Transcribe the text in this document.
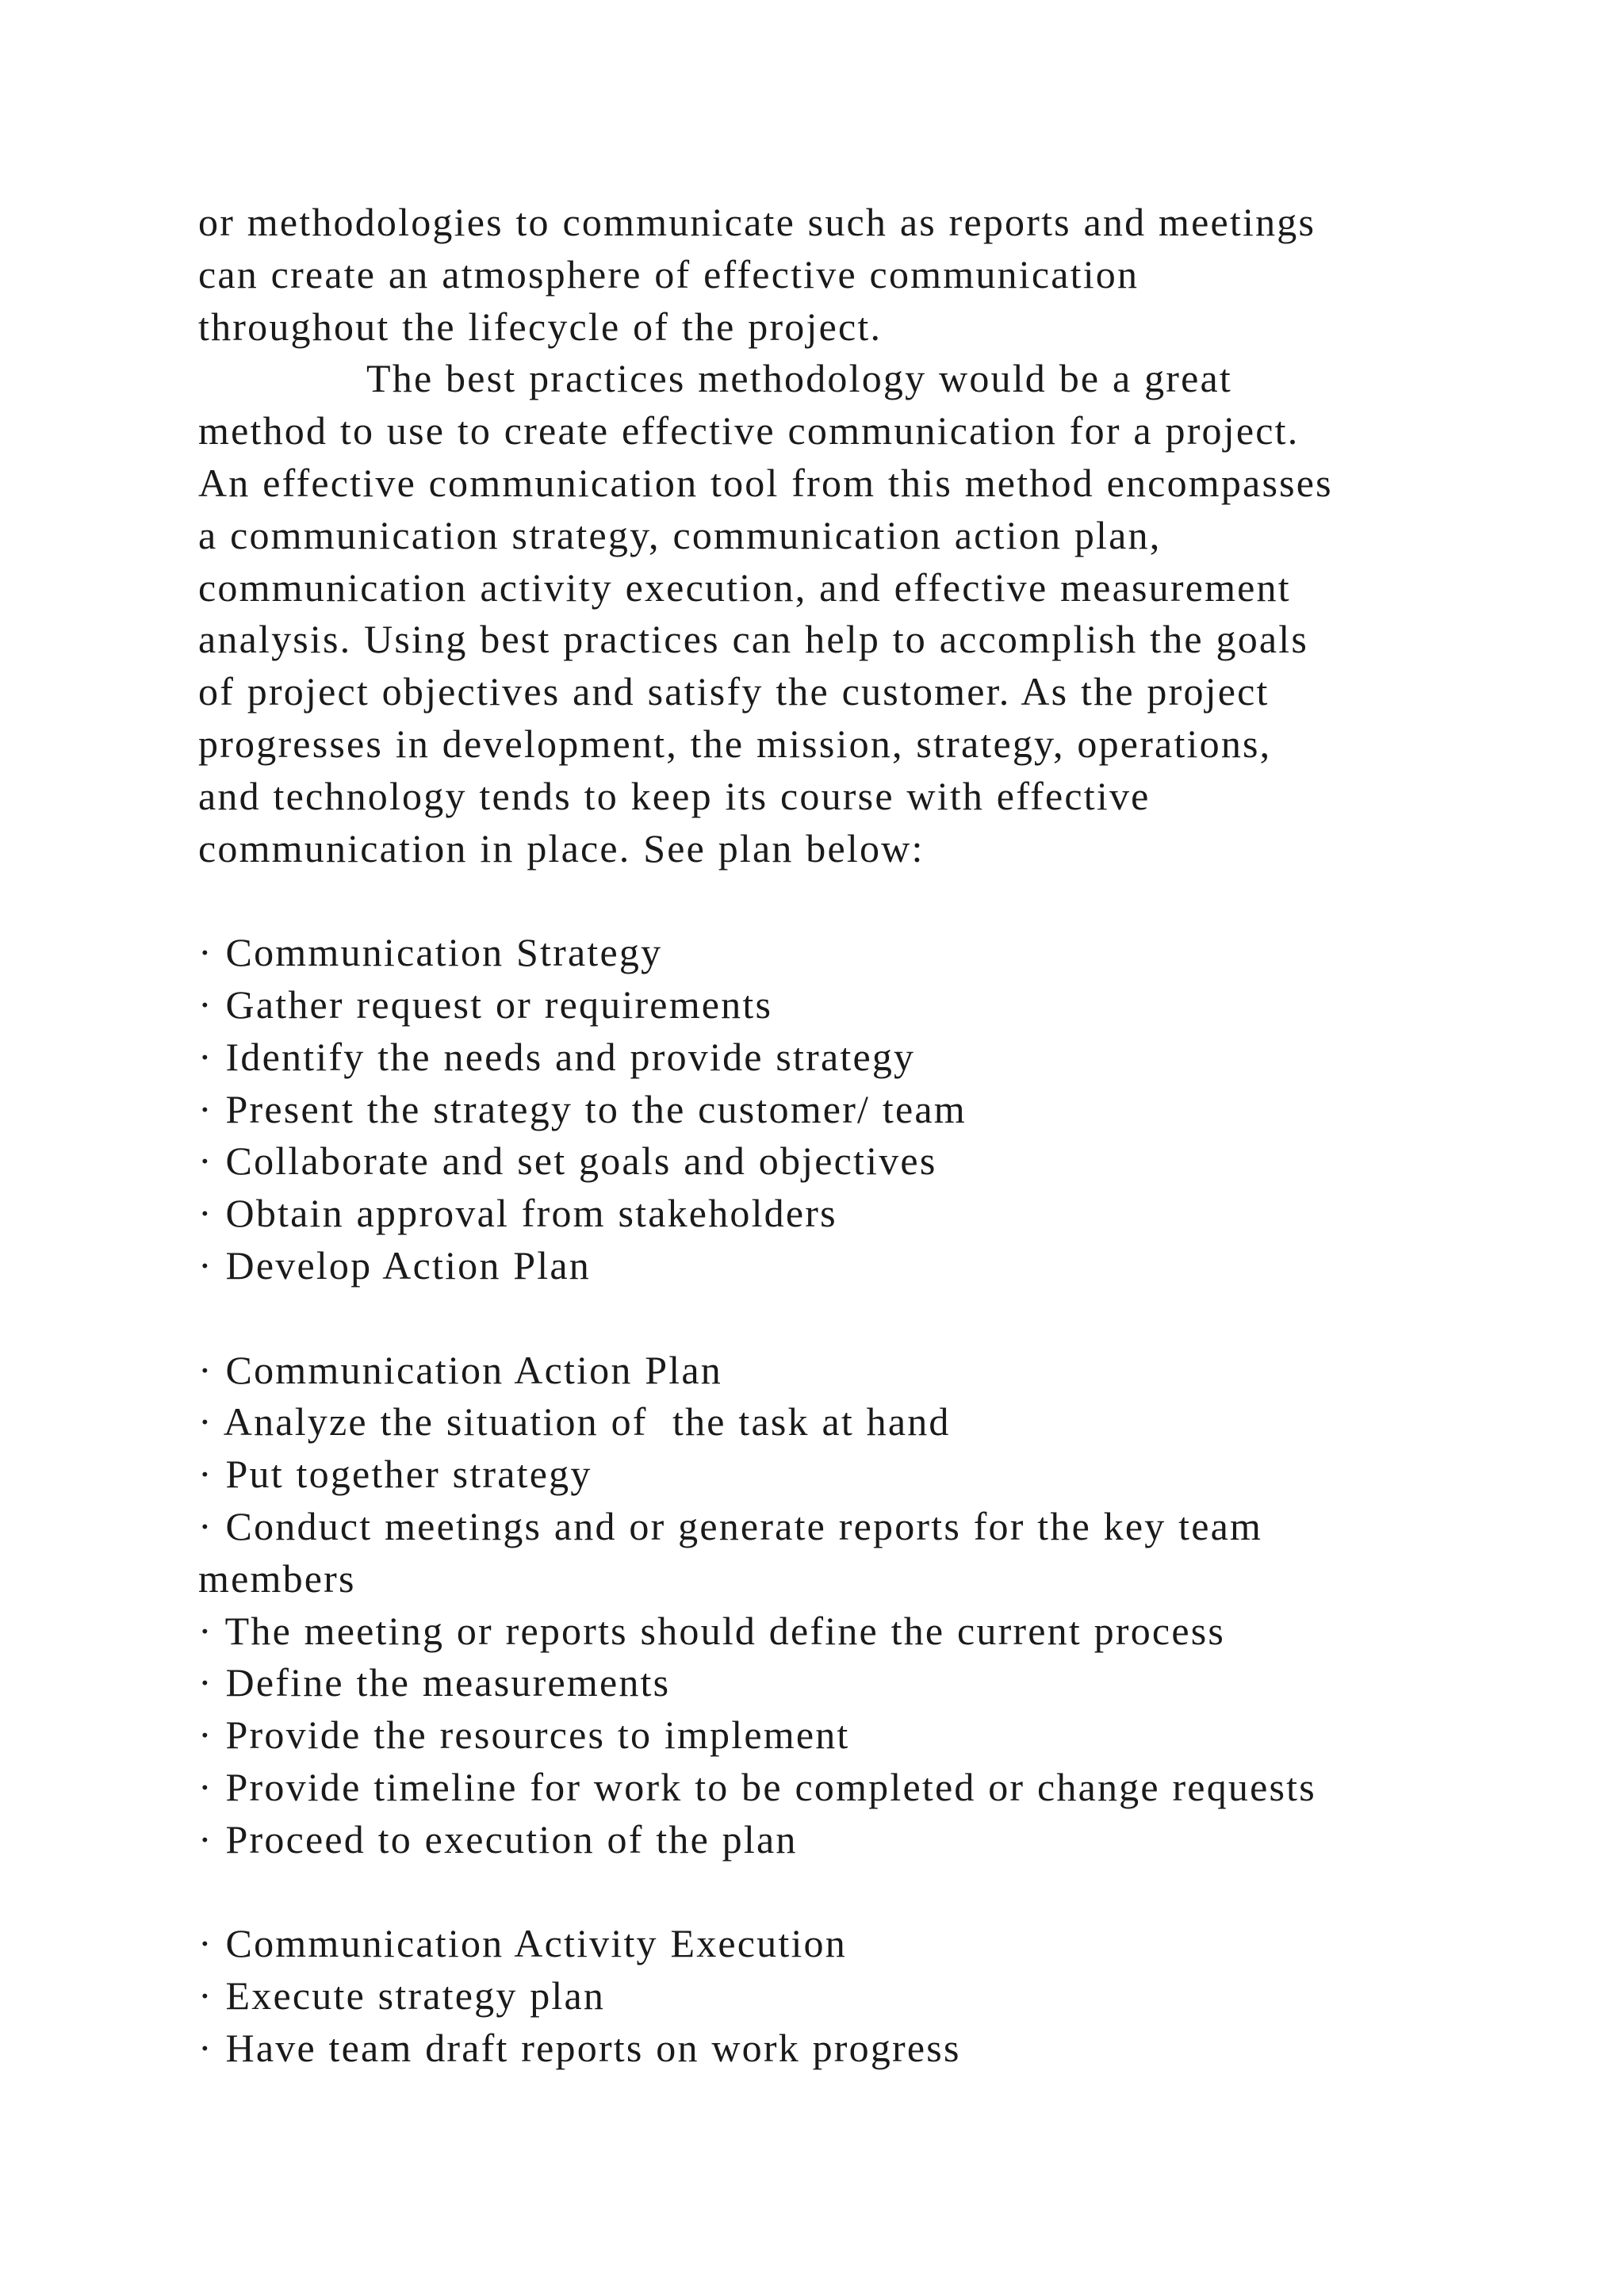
or methodologies to communicate such as reports and meetings
can create an atmosphere of effective communication
throughout the lifecycle of the project.
The best practices methodology would be a great
method to use to create effective communication for a project.
An effective communication tool from this method encompasses
a communication strategy, communication action plan,
communication activity execution, and effective measurement
analysis. Using best practices can help to accomplish the goals
of project objectives and satisfy the customer. As the project
progresses in development, the mission, strategy, operations,
and technology tends to keep its course with effective
communication in place. See plan below:
· Communication Strategy
· Gather request or requirements
· Identify the needs and provide strategy
· Present the strategy to the customer/ team
· Collaborate and set goals and objectives
· Obtain approval from stakeholders
· Develop Action Plan
· Communication Action Plan
· Analyze the situation of  the task at hand
· Put together strategy
· Conduct meetings and or generate reports for the key team
members
· The meeting or reports should define the current process
· Define the measurements
· Provide the resources to implement
· Provide timeline for work to be completed or change requests
· Proceed to execution of the plan
· Communication Activity Execution
· Execute strategy plan
· Have team draft reports on work progress
